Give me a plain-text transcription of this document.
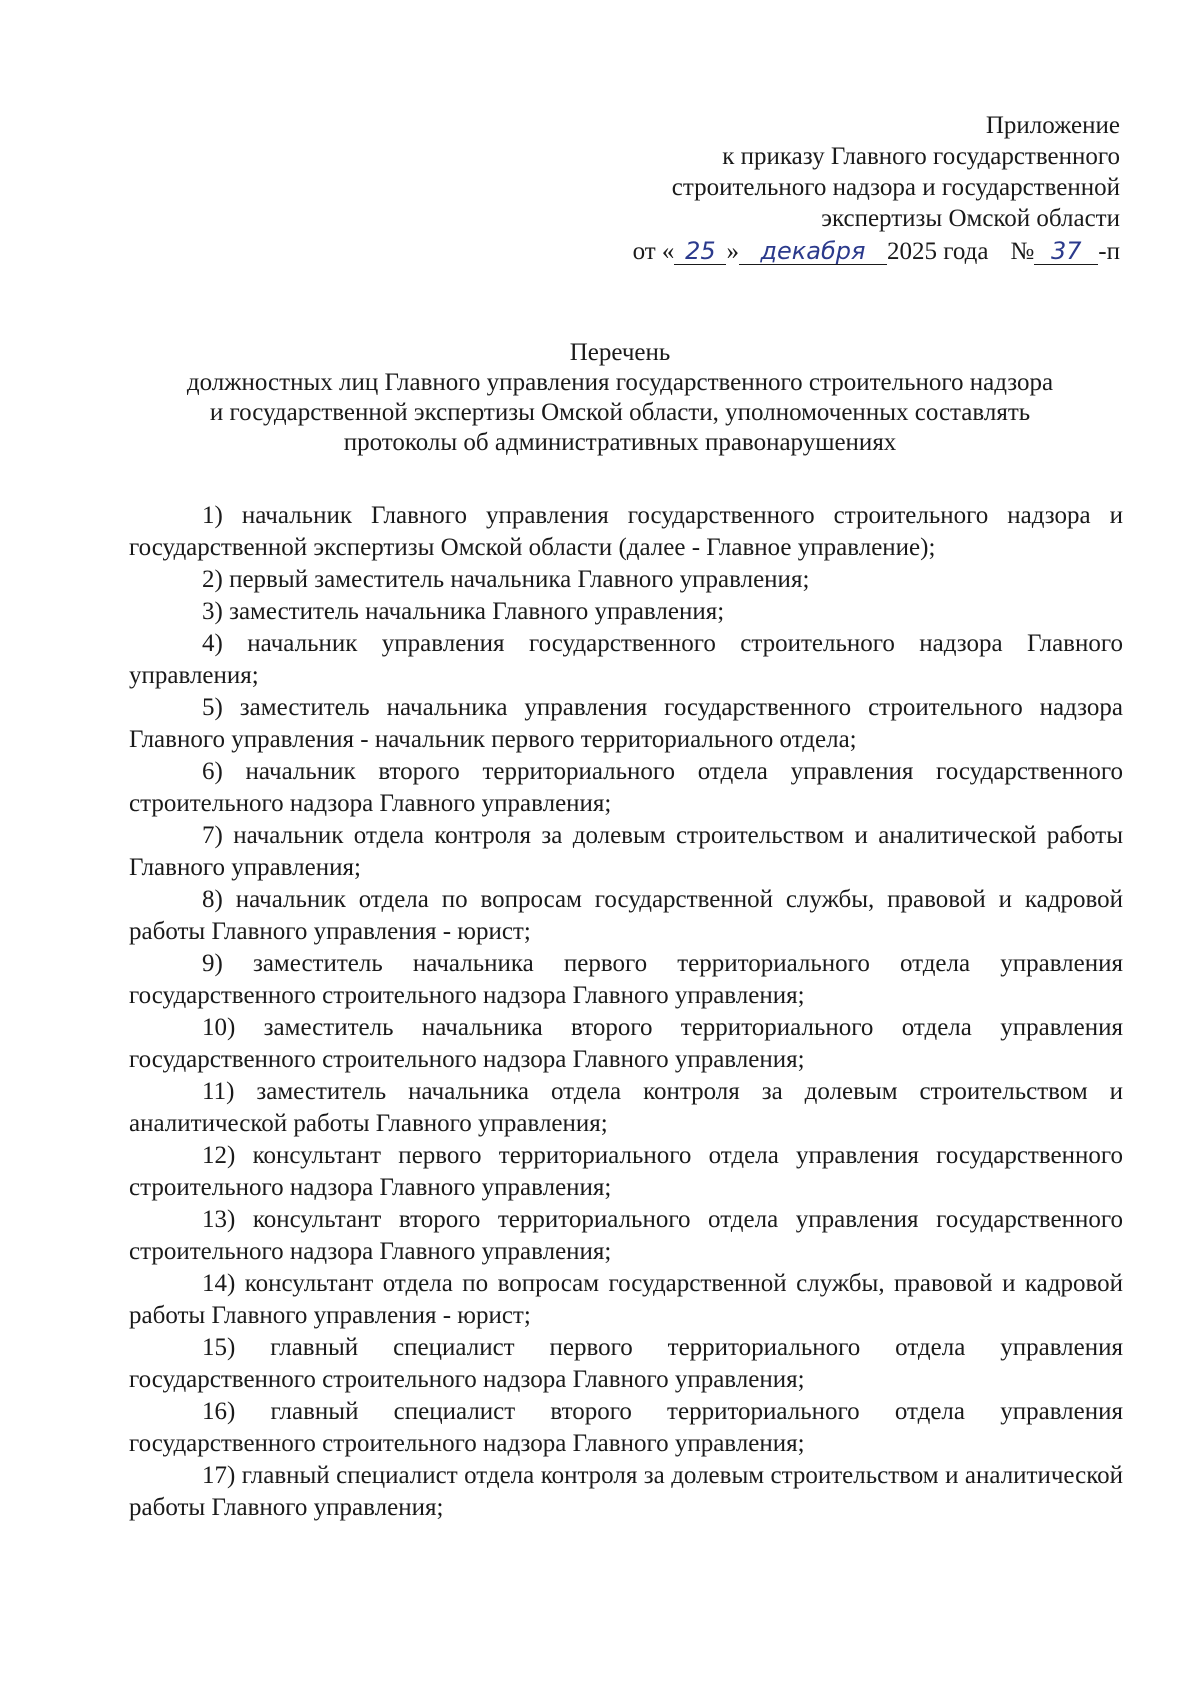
Приложение
к приказу Главного государственного
строительного надзора и государственной
экспертизы Омской области
от « 25 » декабря 2025 года № 37 -п
Перечень
должностных лиц Главного управления государственного строительного надзора
и государственной экспертизы Омской области, уполномоченных составлять
протоколы об административных правонарушениях

1) начальник Главного управления государственного строительного надзора и государственной экспертизы Омской области (далее - Главное управление);

2) первый заместитель начальника Главного управления;

3) заместитель начальника Главного управления;

4) начальник управления государственного строительного надзора Главного управления;

5) заместитель начальника управления государственного строительного надзора Главного управления - начальник первого территориального отдела;

6) начальник второго территориального отдела управления государственного строительного надзора Главного управления;

7) начальник отдела контроля за долевым строительством и аналитической работы Главного управления;

8) начальник отдела по вопросам государственной службы, правовой и кадровой работы Главного управления - юрист;

9) заместитель начальника первого территориального отдела управления государственного строительного надзора Главного управления;

10) заместитель начальника второго территориального отдела управления государственного строительного надзора Главного управления;

11) заместитель начальника отдела контроля за долевым строительством и аналитической работы Главного управления;

12) консультант первого территориального отдела управления государственного строительного надзора Главного управления;

13) консультант второго территориального отдела управления государственного строительного надзора Главного управления;

14) консультант отдела по вопросам государственной службы, правовой и кадровой работы Главного управления - юрист;

15) главный специалист первого территориального отдела управления государственного строительного надзора Главного управления;

16) главный специалист второго территориального отдела управления государственного строительного надзора Главного управления;

17) главный специалист отдела контроля за долевым строительством и аналитической работы Главного управления;
